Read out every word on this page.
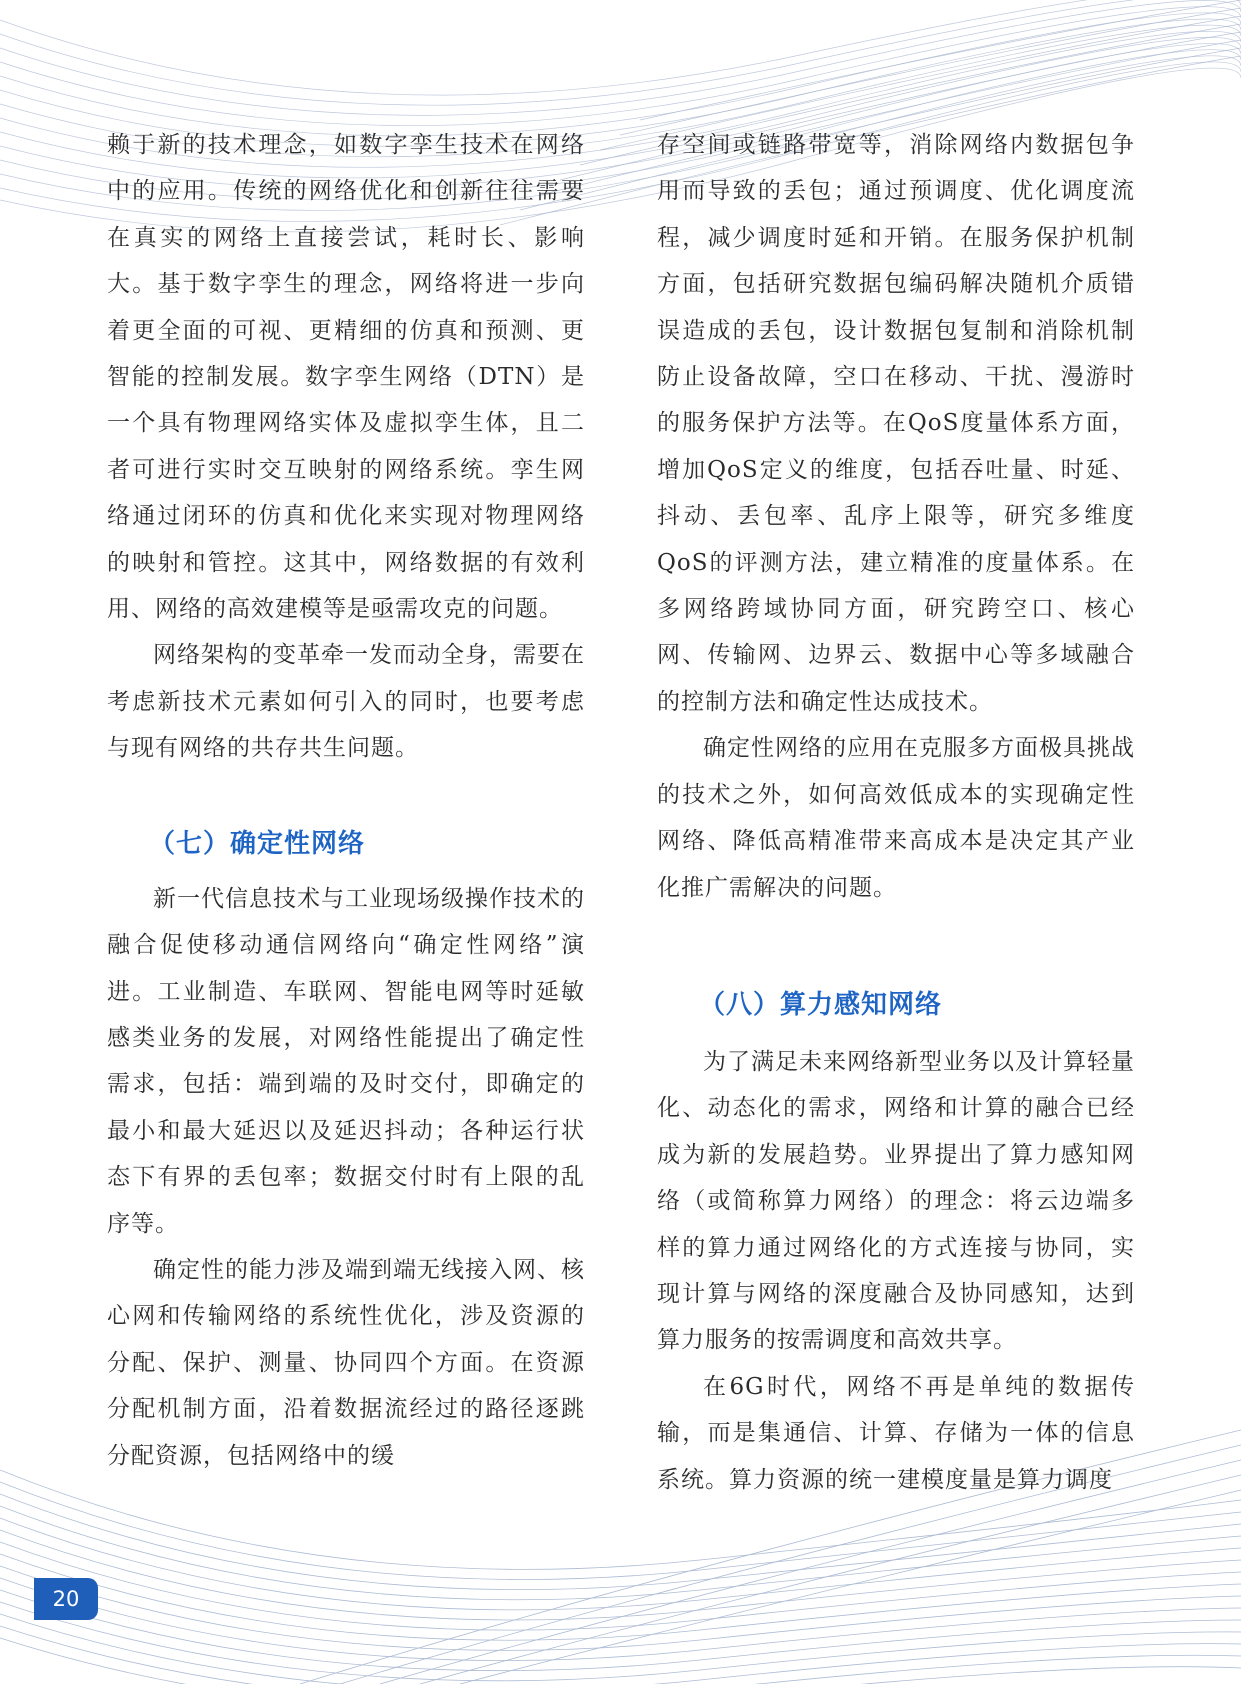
赖于新的技术理念，如数字孪生技术在网络中的应用。传统的网络优化和创新往往需要在真实的网络上直接尝试，耗时长、影响大。基于数字孪生的理念，网络将进一步向着更全面的可视、更精细的仿真和预测、更智能的控制发展。数字孪生网络（DTN）是一个具有物理网络实体及虚拟孪生体，且二者可进行实时交互映射的网络系统。孪生网络通过闭环的仿真和优化来实现对物理网络的映射和管控。这其中，网络数据的有效利用、网络的高效建模等是亟需攻克的问题。

网络架构的变革牵一发而动全身，需要在考虑新技术元素如何引入的同时，也要考虑与现有网络的共存共生问题。

（七）确定性网络

新一代信息技术与工业现场级操作技术的融合促使移动通信网络向“确定性网络”演进。工业制造、车联网、智能电网等时延敏感类业务的发展，对网络性能提出了确定性需求，包括：端到端的及时交付，即确定的最小和最大延迟以及延迟抖动；各种运行状态下有界的丢包率；数据交付时有上限的乱序等。

确定性的能力涉及端到端无线接入网、核心网和传输网络的系统性优化，涉及资源的分配、保护、测量、协同四个方面。在资源分配机制方面，沿着数据流经过的路径逐跳分配资源，包括网络中的缓

存空间或链路带宽等，消除网络内数据包争用而导致的丢包；通过预调度、优化调度流程，减少调度时延和开销。在服务保护机制方面，包括研究数据包编码解决随机介质错误造成的丢包，设计数据包复制和消除机制防止设备故障，空口在移动、干扰、漫游时的服务保护方法等。在QoS度量体系方面，增加QoS定义的维度，包括吞吐量、时延、抖动、丢包率、乱序上限等，研究多维度QoS的评测方法，建立精准的度量体系。在多网络跨域协同方面，研究跨空口、核心网、传输网、边界云、数据中心等多域融合的控制方法和确定性达成技术。

确定性网络的应用在克服多方面极具挑战的技术之外，如何高效低成本的实现确定性网络、降低高精准带来高成本是决定其产业化推广需解决的问题。

（八）算力感知网络

为了满足未来网络新型业务以及计算轻量化、动态化的需求，网络和计算的融合已经成为新的发展趋势。业界提出了算力感知网络（或简称算力网络）的理念：将云边端多样的算力通过网络化的方式连接与协同，实现计算与网络的深度融合及协同感知，达到算力服务的按需调度和高效共享。

在6G时代，网络不再是单纯的数据传输，而是集通信、计算、存储为一体的信息系统。算力资源的统一建模度量是算力调度

20
